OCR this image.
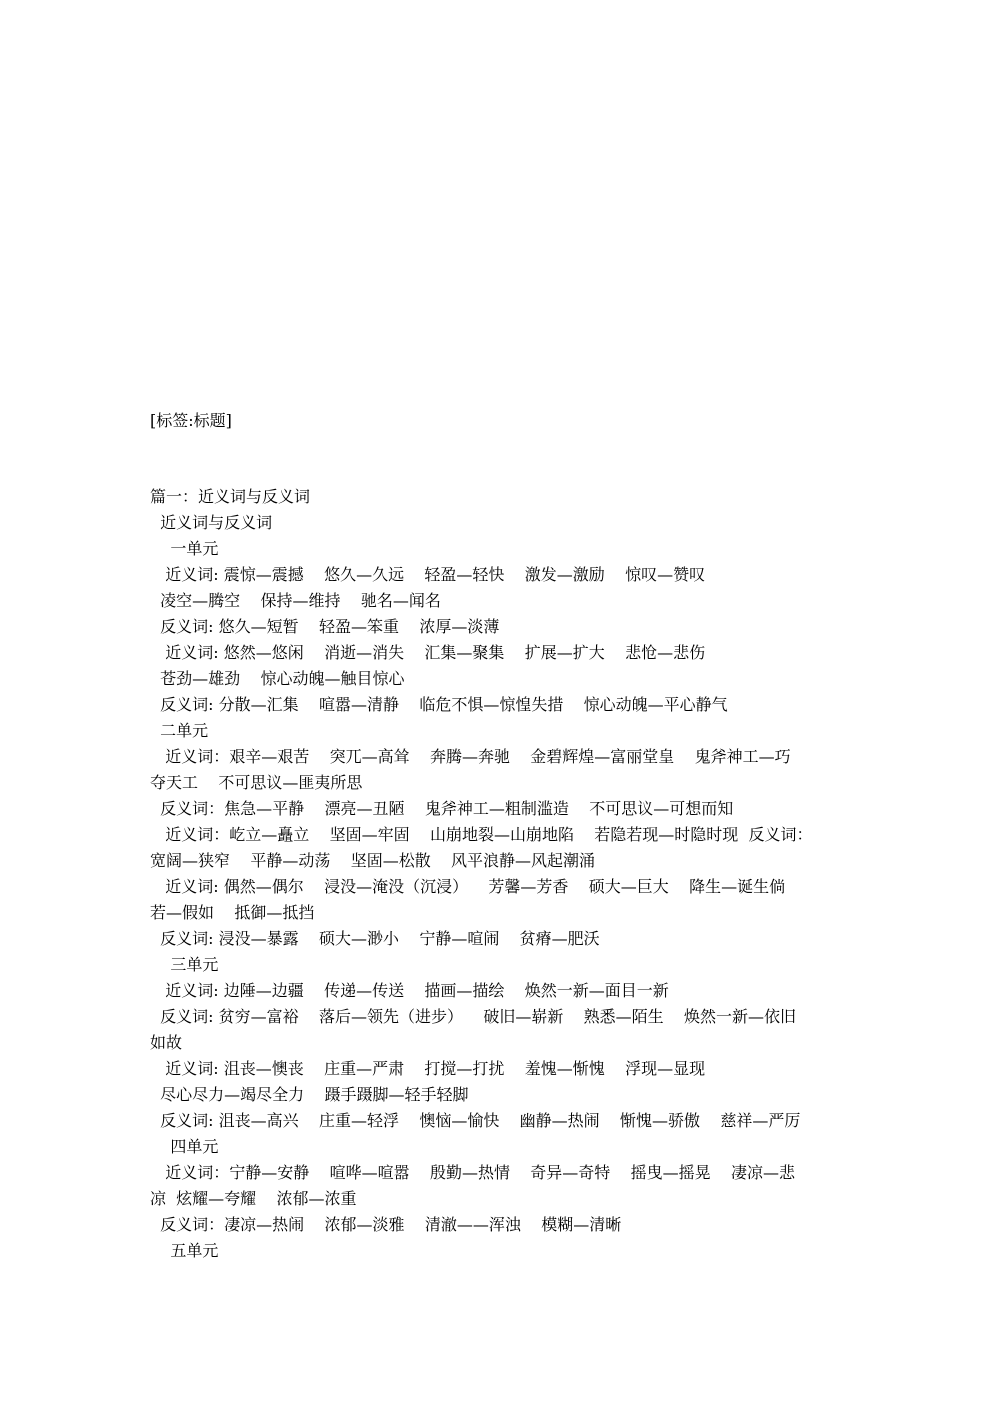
[标签:标题]
篇一：近义词与反义词
近义词与反义词
一单元
近义词: 震惊—震撼    悠久—久远    轻盈—轻快    激发—激励    惊叹—赞叹
凌空—腾空    保持—维持    驰名—闻名
反义词: 悠久—短暂    轻盈—笨重    浓厚—淡薄
近义词: 悠然—悠闲    消逝—消失    汇集—聚集    扩展—扩大    悲怆—悲伤
苍劲—雄劲    惊心动魄—触目惊心
反义词: 分散—汇集    喧嚣—清静    临危不惧—惊惶失措    惊心动魄—平心静气
二单元
近义词：艰辛—艰苦    突兀—高耸    奔腾—奔驰    金碧辉煌—富丽堂皇    鬼斧神工—巧
夺天工    不可思议—匪夷所思
反义词：焦急—平静    漂亮—丑陋    鬼斧神工—粗制滥造    不可思议—可想而知
近义词：屹立—矗立    坚固—牢固    山崩地裂—山崩地陷    若隐若现—时隐时现  反义词：
宽阔—狭窄    平静—动荡    坚固—松散    风平浪静—风起潮涌
近义词: 偶然—偶尔    浸没—淹没（沉浸）    芳馨—芳香    硕大—巨大    降生—诞生倘
若—假如    抵御—抵挡
反义词: 浸没—暴露    硕大—渺小    宁静—喧闹    贫瘠—肥沃
三单元
近义词: 边陲—边疆    传递—传送    描画—描绘    焕然一新—面目一新
反义词: 贫穷—富裕    落后—领先（进步）    破旧—崭新    熟悉—陌生    焕然一新—依旧
如故
近义词: 沮丧—懊丧    庄重—严肃    打搅—打扰    羞愧—惭愧    浮现—显现
尽心尽力—竭尽全力    蹑手蹑脚—轻手轻脚
反义词: 沮丧—高兴    庄重—轻浮    懊恼—愉快    幽静—热闹    惭愧—骄傲    慈祥—严厉
四单元
近义词：宁静—安静    喧哗—喧嚣    殷勤—热情    奇异—奇特    摇曳—摇晃    凄凉—悲
凉  炫耀—夸耀    浓郁—浓重
反义词：凄凉—热闹    浓郁—淡雅    清澈——浑浊    模糊—清晰
五单元
